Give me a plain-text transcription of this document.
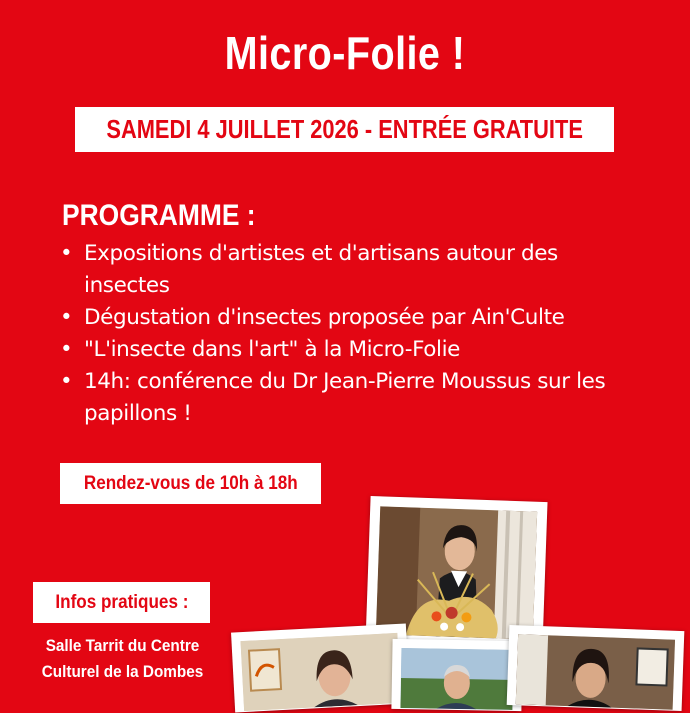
Micro-Folie !
SAMEDI 4 JUILLET 2026 - ENTRÉE GRATUITE
PROGRAMME :
• Expositions d'artistes et d'artisans autour des insectes
• Dégustation d'insectes proposée par Ain'Culte
• "L'insecte dans l'art" à la Micro-Folie
• 14h: conférence du Dr Jean-Pierre Moussus sur les papillons !
Rendez-vous de 10h à 18h
Infos pratiques :
Salle Tarrit du Centre
Culturel de la Dombes
